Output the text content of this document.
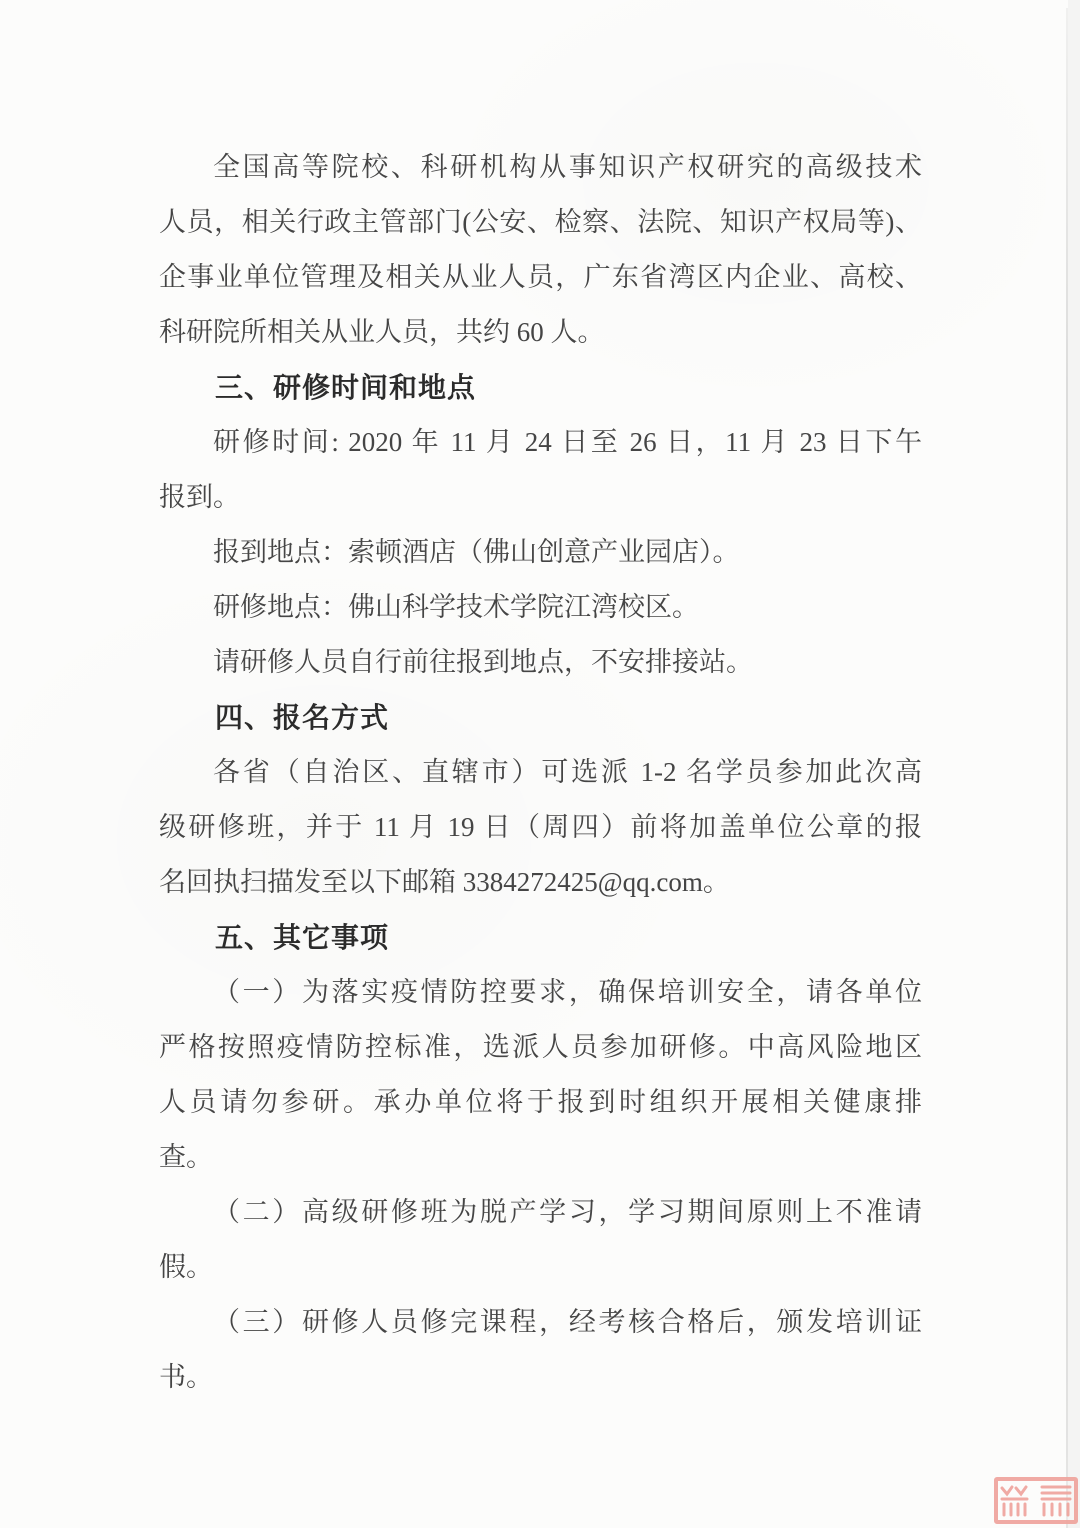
全国高等院校、科研机构从事知识产权研究的高级技术
人员，相关行政主管部门(公安、检察、法院、知识产权局等)、
企事业单位管理及相关从业人员，广东省湾区内企业、高校、
科研院所相关从业人员，共约 60 人。
三、研修时间和地点
研修时间: 2020 年 11 月 24 日至 26 日，11 月 23 日下午
报到。
报到地点：索顿酒店（佛山创意产业园店）。
研修地点：佛山科学技术学院江湾校区。
请研修人员自行前往报到地点，不安排接站。
四、报名方式
各省（自治区、直辖市）可选派 1-2 名学员参加此次高
级研修班，并于 11 月 19 日（周四）前将加盖单位公章的报
名回执扫描发至以下邮箱 3384272425@qq.com。
五、其它事项
（一）为落实疫情防控要求，确保培训安全，请各单位
严格按照疫情防控标准，选派人员参加研修。中高风险地区
人员请勿参研。承办单位将于报到时组织开展相关健康排
查。
（二）高级研修班为脱产学习，学习期间原则上不准请
假。
（三）研修人员修完课程，经考核合格后，颁发培训证
书。
